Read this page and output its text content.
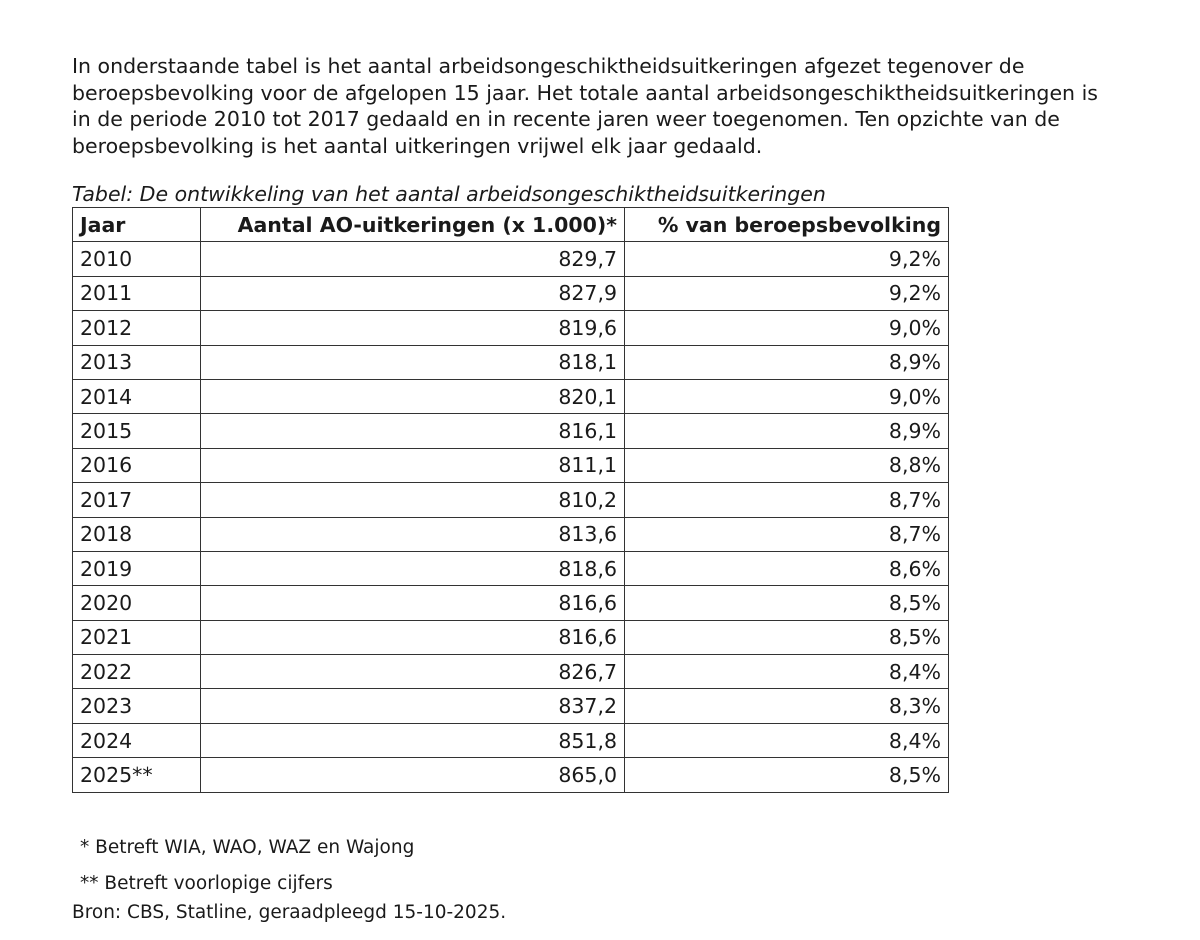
In onderstaande tabel is het aantal arbeidsongeschiktheidsuitkeringen afgezet tegenover de
beroepsbevolking voor de afgelopen 15 jaar. Het totale aantal arbeidsongeschiktheidsuitkeringen is
in de periode 2010 tot 2017 gedaald en in recente jaren weer toegenomen. Ten opzichte van de
beroepsbevolking is het aantal uitkeringen vrijwel elk jaar gedaald.
Tabel: De ontwikkeling van het aantal arbeidsongeschiktheidsuitkeringen
Jaar	Aantal AO-uitkeringen (x 1.000)*	% van beroepsbevolking
2010	829,7	9,2%
2011	827,9	9,2%
2012	819,6	9,0%
2013	818,1	8,9%
2014	820,1	9,0%
2015	816,1	8,9%
2016	811,1	8,8%
2017	810,2	8,7%
2018	813,6	8,7%
2019	818,6	8,6%
2020	816,6	8,5%
2021	816,6	8,5%
2022	826,7	8,4%
2023	837,2	8,3%
2024	851,8	8,4%
2025**	865,0	8,5%
* Betreft WIA, WAO, WAZ en Wajong
** Betreft voorlopige cijfers
Bron: CBS, Statline, geraadpleegd 15-10-2025.
